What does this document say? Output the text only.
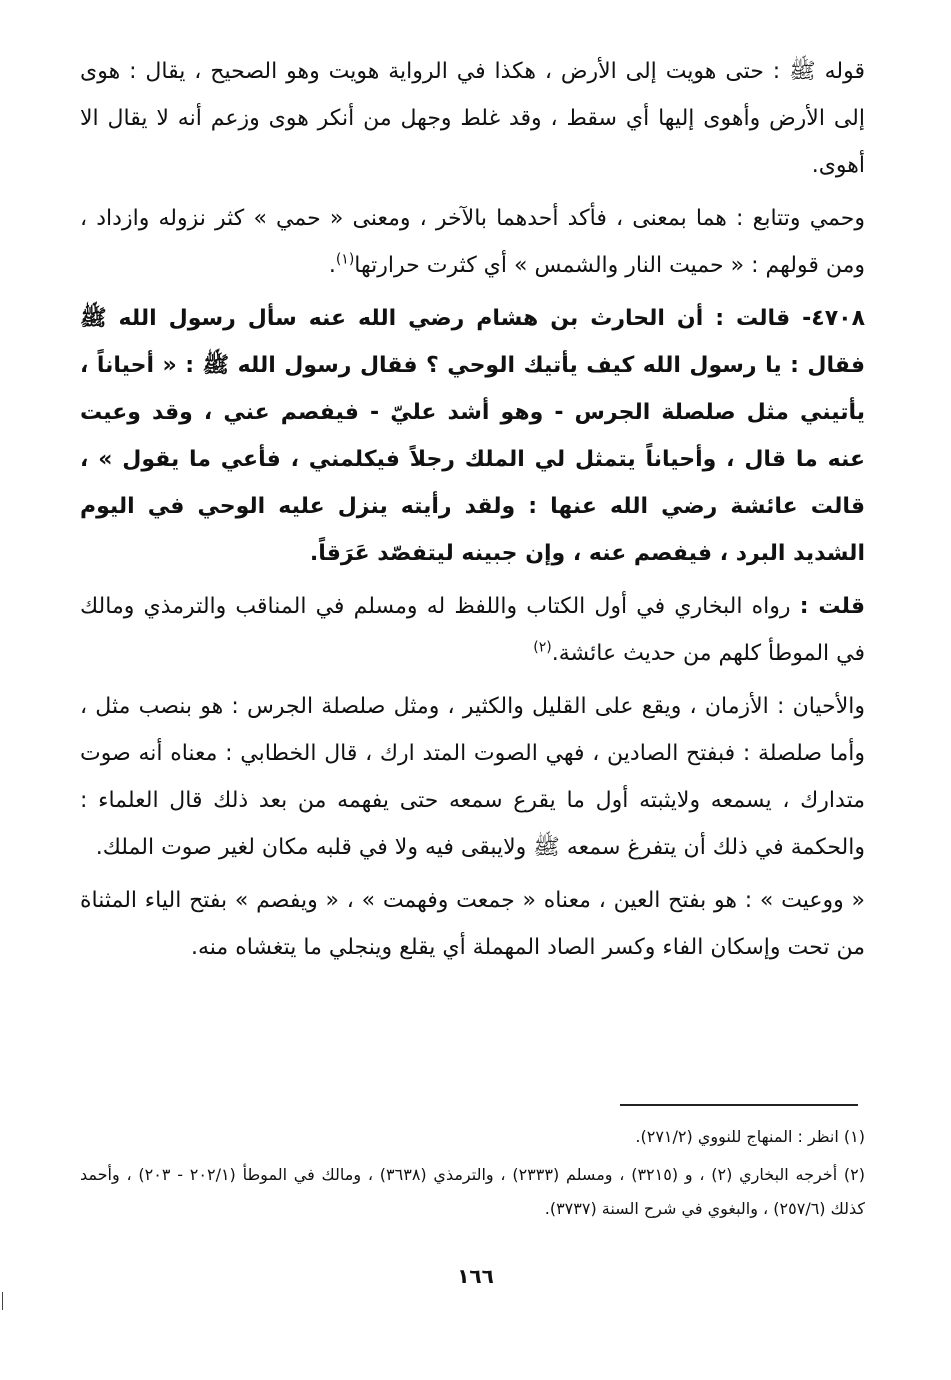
قوله ﷺ : حتى هويت إلى الأرض ، هكذا في الرواية هويت وهو الصحيح ، يقال : هوى إلى الأرض وأهوى إليها أي سقط ، وقد غلط وجهل من أنكر هوى وزعم أنه لا يقال الا أهوى.

وحمي وتتابع : هما بمعنى ، فأكد أحدهما بالآخر ، ومعنى « حمي » كثر نزوله وازداد ، ومن قولهم : « حميت النار والشمس » أي كثرت حرارتها$^{(١)}$.

٤٧٠٨- قالت : أن الحارث بن هشام رضي الله عنه سأل رسول الله ﷺ فقال : يا رسول الله كيف يأتيك الوحي ؟ فقال رسول الله ﷺ : « أحياناً ، يأتيني مثل صلصلة الجرس - وهو أشد عليّ - فيفصم عني ، وقد وعيت عنه ما قال ، وأحياناً يتمثل لي الملك رجلاً فيكلمني ، فأعي ما يقول » ، قالت عائشة رضي الله عنها : ولقد رأيته ينزل عليه الوحي في اليوم الشديد البرد ، فيفصم عنه ، وإن جبينه ليتفصّد عَرَقاً.

قلت : رواه البخاري في أول الكتاب واللفظ له ومسلم في المناقب والترمذي ومالك في الموطأ كلهم من حديث عائشة.$^{(٢)}$

والأحيان : الأزمان ، ويقع على القليل والكثير ، ومثل صلصلة الجرس : هو بنصب مثل ، وأما صلصلة : فبفتح الصادين ، فهي الصوت المتد ارك ، قال الخطابي : معناه أنه صوت متدارك ، يسمعه ولايثبته أول ما يقرع سمعه حتى يفهمه من بعد ذلك قال العلماء : والحكمة في ذلك أن يتفرغ سمعه ﷺ ولايبقى فيه ولا في قلبه مكان لغير صوت الملك.

« ووعيت » : هو بفتح العين ، معناه « جمعت وفهمت » ، « ويفصم » بفتح الياء المثناة من تحت وإسكان الفاء وكسر الصاد المهملة أي يقلع وينجلي ما يتغشاه منه.

(١) انظر : المنهاج للنووي (٢٧١/٢).

(٢) أخرجه البخاري (٢) ، و (٣٢١٥) ، ومسلم (٢٣٣٣) ، والترمذي (٣٦٣٨) ، ومالك في الموطأ (٢٠٢/١ - ٢٠٣) ، وأحمد كذلك (٢٥٧/٦) ، والبغوي في شرح السنة (٣٧٣٧).

١٦٦
